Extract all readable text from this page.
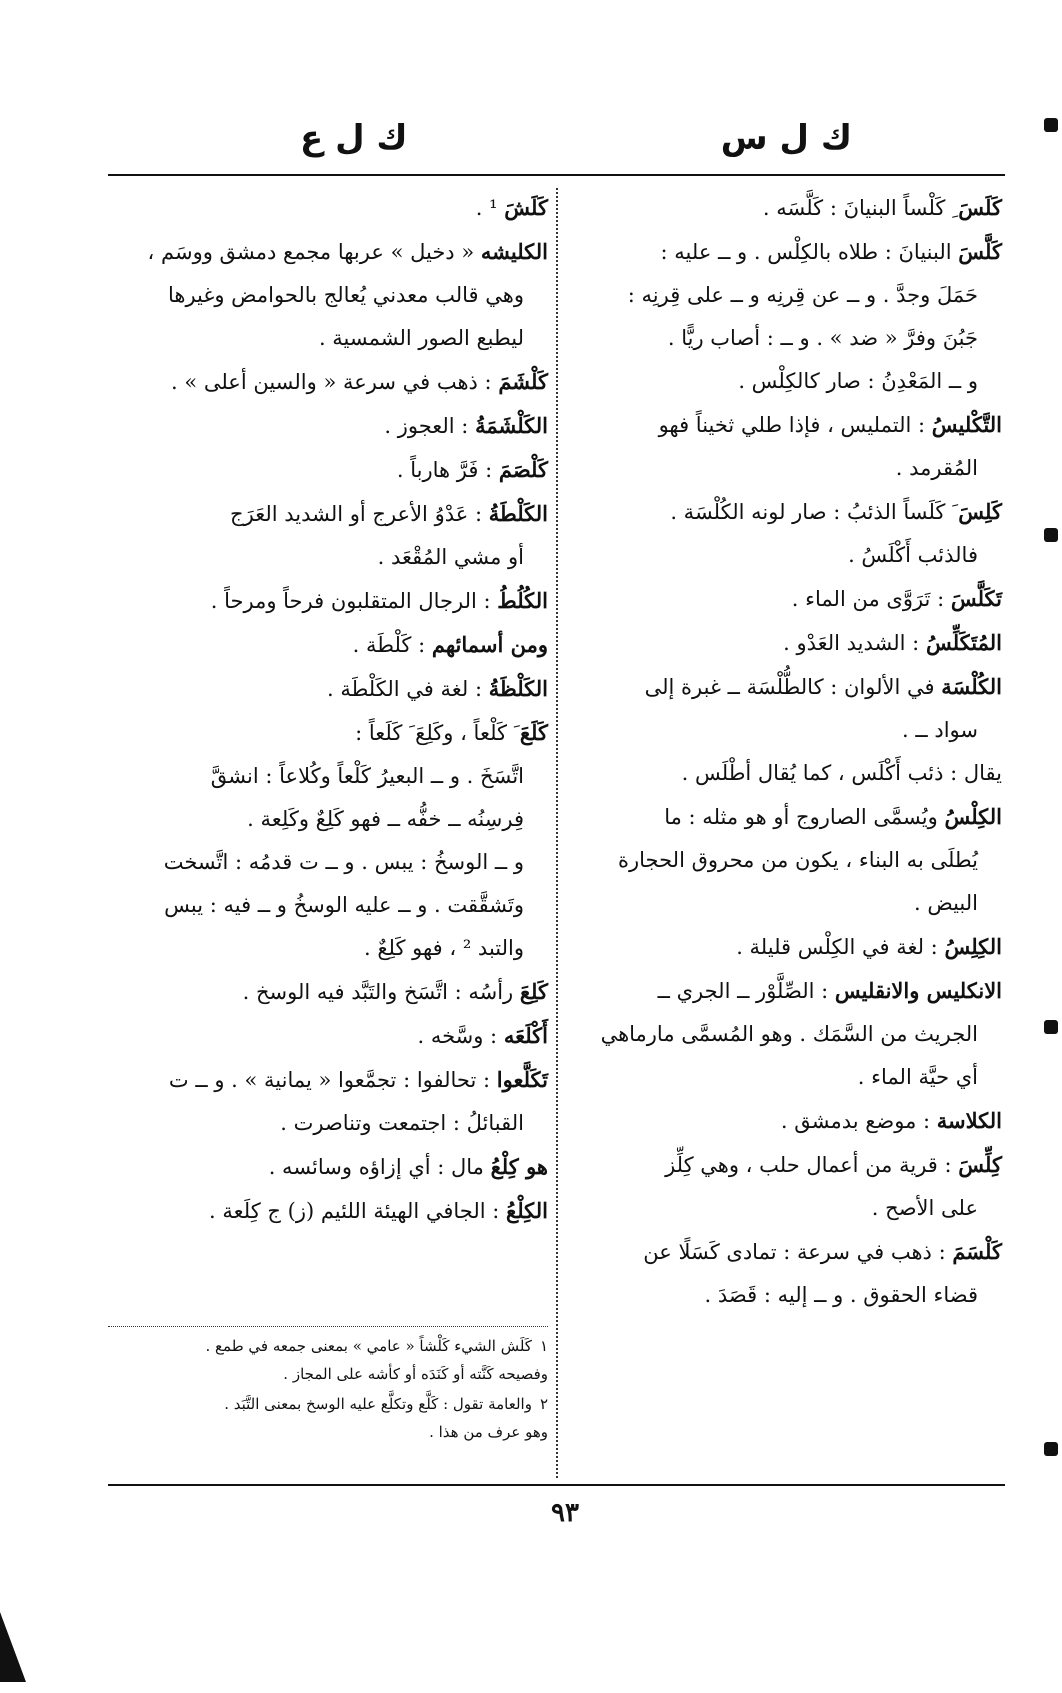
ك ل س
ك ل ع
كَلَسَ ِ كَلْساً البنيانَ : كَلَّسَه .
كَلَّسَ البنيانَ : طلاه بالكِلْس . و ــ عليه :
حَمَلَ وجدَّ . و ــ عن قِرنِه و ــ على قِرنِه :
جَبُنَ وفرَّ « ضد » . و ــ : أصاب ريًّا .
و ــ المَعْدِنُ : صار كالكِلْس .
التَّكْليسُ : التمليس ، فإذا طلي ثخيناً فهو
المُقرمد .
كَلِسَ َ كَلَساً الذئبُ : صار لونه الكُلْسَة .
فالذئب أَكْلَسُ .
تَكَلَّسَ : تَرَوَّى من الماء .
المُتَكَلِّسُ : الشديد العَدْو .
الكُلْسَة في الألوان : كالطُّلْسَة ــ غبرة إلى
سواد ــ .
يقال : ذئب أَكْلَس ، كما يُقال أطْلَس .
الكِلْسُ ويُسمَّى الصاروج أو هو مثله : ما
يُطلَى به البناء ، يكون من محروق الحجارة
البيض .
الكِلِسُ : لغة في الكِلْس قليلة .
الانكليس والانقليس : الصِّلَّوْر ــ الجري ــ
الجريث من السَّمَك . وهو المُسمَّى مارماهي
أي حيَّة الماء .
الكلاسة : موضع بدمشق .
كِلِّسَ : قرية من أعمال حلب ، وهي كِلِّز
على الأصح .
كَلْسَمَ : ذهب في سرعة : تمادى كَسَلًا عن
قضاء الحقوق . و ــ إليه : قَصَدَ .
كَلَشَ ¹ .
الكليشه « دخيل » عربها مجمع دمشق ووسَم ،
وهي قالب معدني يُعالج بالحوامض وغيرها
ليطبع الصور الشمسية .
كَلْشَمَ : ذهب في سرعة « والسين أعلى » .
الكَلْشَمَةُ : العجوز .
كَلْصَمَ : فَرَّ هارباً .
الكَلْطَةُ : عَدْوُ الأعرج أو الشديد العَرَج
أو مشي المُقْعَد .
الكُلُطُ : الرجال المتقلبون فرحاً ومرحاً .
ومن أسمائهم : كَلْطَة .
الكَلْظَةُ : لغة في الكَلْطَة .
كَلَعَ َ كَلْعاً ، وكَلِعَ َ كَلَعاً :
اتَّسَخَ . و ــ البعيرُ كَلْعاً وكُلاعاً : انشقَّ
فِرسِنُه ــ خفُّه ــ فهو كَلِعٌ وكَلِعة .
و ــ الوسخُ : يبس . و ــ ت قدمُه : اتَّسخت
وتَشقَّقت . و ــ عليه الوسخُ و ــ فيه : يبس
والتبد ² ، فهو كَلِعٌ .
كَلِعَ رأسُه : اتَّسَخ والتَبَّد فيه الوسخ .
أَكْلَعَه : وسَّخه .
تَكَلَّعوا : تحالفوا : تجمَّعوا « يمانية » . و ــ ت
القبائلُ : اجتمعت وتناصرت .
هو كِلْعُ مال : أي إزاؤه وسائسه .
الكِلْعُ : الجافي الهيئة اللئيم (ز) ج كِلَعة .
١كَلَش الشيء كَلْشاً « عامي » بمعنى جمعه في طمع .
وفصيحه كَنَّته أو كَنَدَه أو كأشه على المجاز .
٢والعامة تقول : كَلَّع وتكلَّع عليه الوسخ بمعنى التَّبَد .
وهو عرف من هذا .
٩٣
